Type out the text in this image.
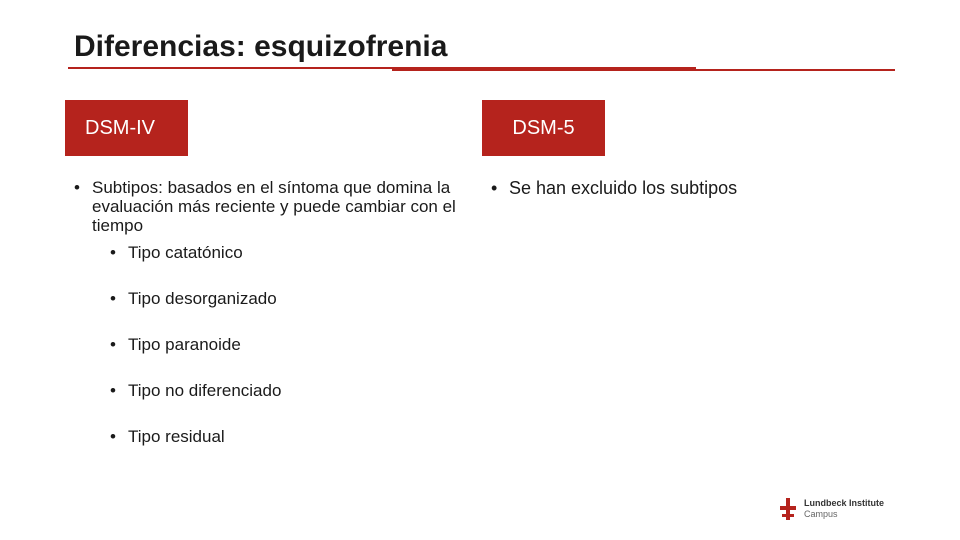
Diferencias: esquizofrenia
DSM-IV	DSM-5
• Subtipos: basados en el síntoma que domina la evaluación más reciente y puede cambiar con el tiempo
• Tipo catatónico
• Tipo desorganizado
• Tipo paranoide
• Tipo no diferenciado
• Tipo residual
• Se han excluido los subtipos
Lundbeck Institute
Campus
